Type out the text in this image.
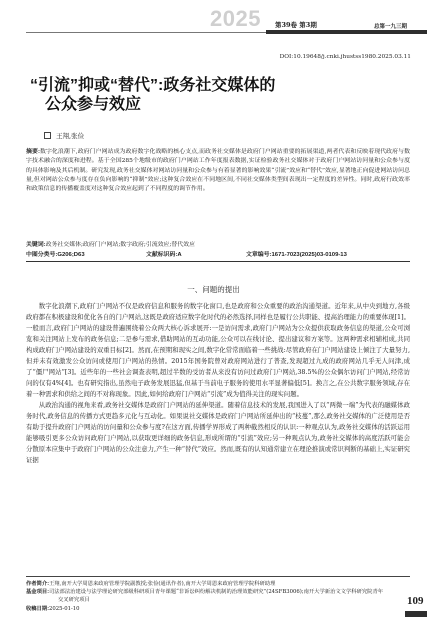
2025 第39卷 第3期	总第一九三期
DOI:10.19648/j.cnki.jhustss1980.2025.03.11
“引流”抑或“替代”:政务社交媒体的
公众参与效应
王翔,张俭
摘要:数字化浪潮下,政府门户网站成为政府数字化战略的核心支点,而政务社交媒体是政府门户网站重要的拓展渠道,两者代表和反映着现代政府与数字技术融合的深度和进程。基于全国285个地级市的政府门户网站工作年度报表数据,实证检验政务社交媒体对于政府门户网站访问量和公众参与度的具体影响及其后机制。研究发现,政务社交媒体对网站访问量和公众参与有着显著的影响效果“引流”效应和“替代”效应,显著地正向促进网站访问总量,但对网站公众参与度存在负向影响的“抑制”效应;这种复合效应在不同地区间,不同社交媒体类型间表现出一定程度的差异性。同时,政府行政效率和政策信息的传播覆盖度对这种复合效应起到了不同程度的调节作用。
关键词:政务社交媒体;政府门户网站;数字政府;引流效应;替代效应
中图分类号:G206;D63	文献标识码:A	文章编号:1671-7023(2025)03-0109-13
一、问题的提出

数字化浪潮下,政府门户网站不仅是政府信息和服务的数字化窗口,也是政府和公众重要的政治沟通渠道。近年来,从中央到地方,各级政府都在积极建设和优化各自的门户网站,这既是政府适应数字化时代的必然选择,同样也是履行公共职能、提高治理能力的重要体现[1]。一般而言,政府门户网站的建设普遍围绕着公众两大核心诉求展开:一是访问需求,政府门户网站为公众提供获取政务信息的渠道,公众可浏览和关注网站上发布的政务信息;二是参与需求,借助网站的互动功能,公众可以在线讨论、提出建议和方案等。这两种需求相辅相成,共同构成政府门户网站建设的双重目标[2]。然而,在预期和现实之间,数字化常常面临着一些挑战:尽管政府在门户网站建设上倾注了大量努力,但并未有效激发公众访问或使用门户网站的热情。2015年国务院曾对政府网站进行了普查,发现超过九成的政府网站几乎无人问津,成了“僵尸网站”[3]。近些年的一些社会调查表明,超过半数的受访者从来没有访问过政府门户网站,38.5%的公众偶尔访问门户网站,经常访问的仅有4%[4]。也有研究指出,虽然电子政务发展迅猛,但基于当前电子服务的使用水平显著偏低[5]。换言之,在公共数字服务领域,存在着一种需求和供给之间的不对称现象。因此,如何给政府门户网站“引流”成为值得关注的现实问题。

从政治沟通的视角来看,政务社交媒体是政府门户网站的延伸渠道。随着信息技术的发展,我国进入了以“两微一端”为代表的融媒体政务时代,政务信息的传播方式更趋多元化与互动化。如果说社交媒体是政府门户网站所延伸出的“枝蔓”,那么政务社交媒体的广泛使用是否有助于提升政府门户网站的访问量和公众参与度?在这方面,传播学界形成了两种截然相反的认识:一种观点认为,政务社交媒体的活跃运用能够吸引更多公众访问政府门户网站,以获取更详细的政务信息,形成所谓的“引流”效应;另一种观点认为,政务社交媒体的高度活跃可能会分散原本应集中于政府门户网站的公众注意力,产生一种“替代”效应。然而,既有的认知通常建立在理论推演或常识判断的基础上,实证研究证据

作者简介:王翔,南开大学周恩来政府管理学院副教授;张俭(通讯作者),南开大学周恩来政府管理学院科研助理
基金项目:司法部法治建设与法学理论研究部级科研项目青年课题“非诉讼纠纷解决机制的治理效能研究”(24SFB3006);南开大学新治文文学科研究院青年交叉研究项目
收稿日期:2025-01-10
109
